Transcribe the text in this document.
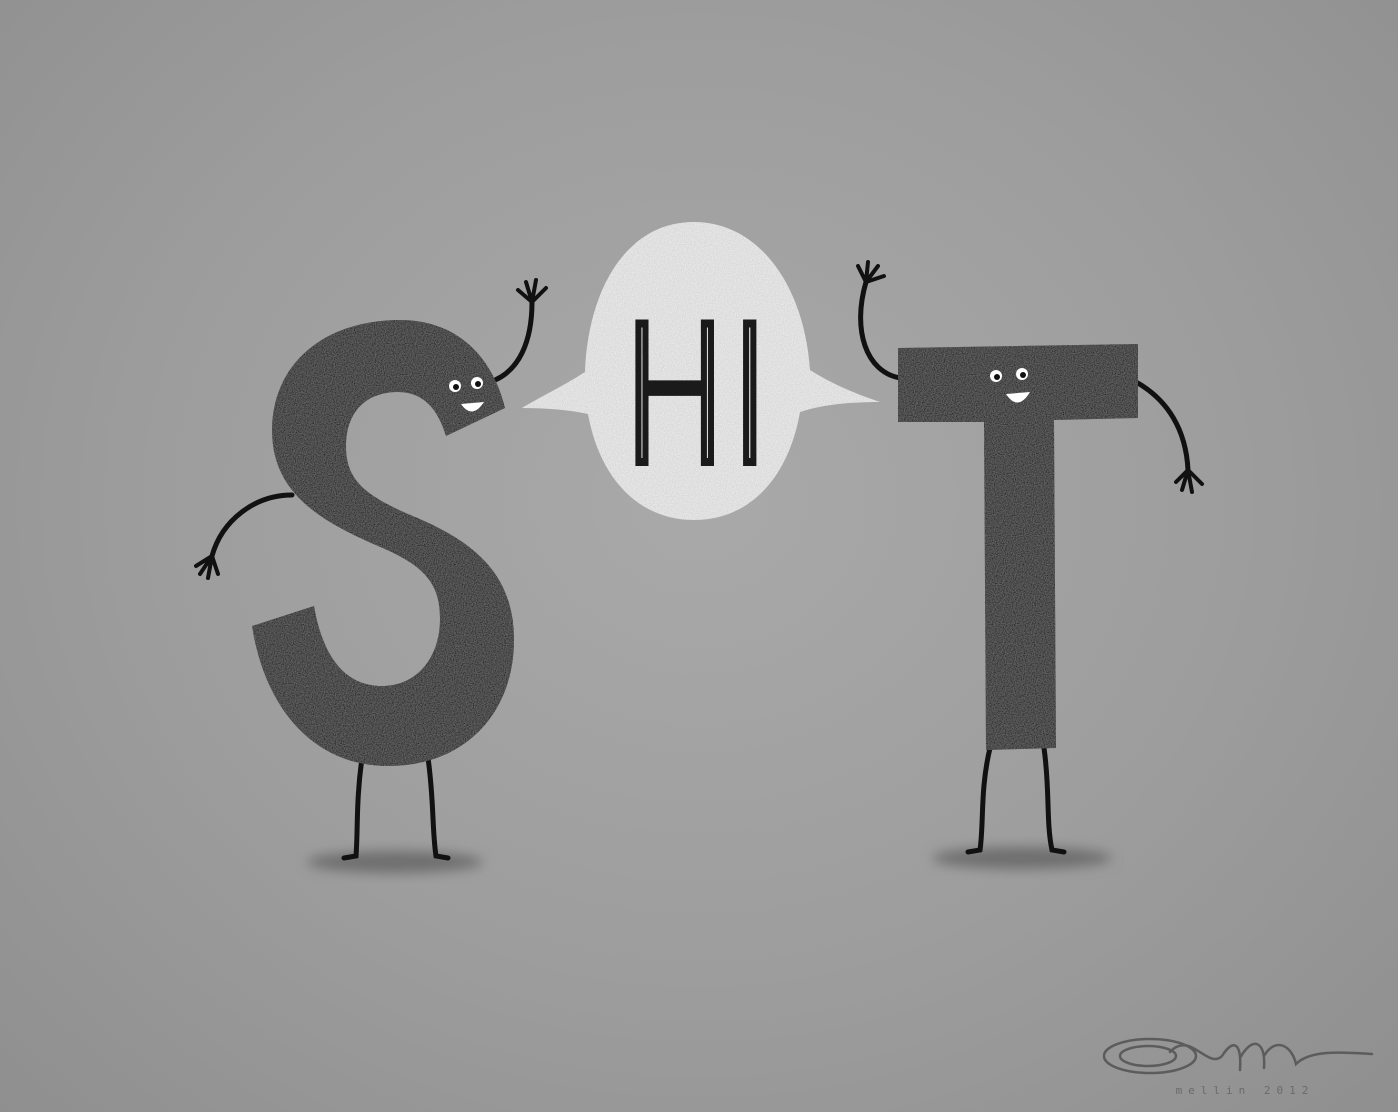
HI
mellin 2012
